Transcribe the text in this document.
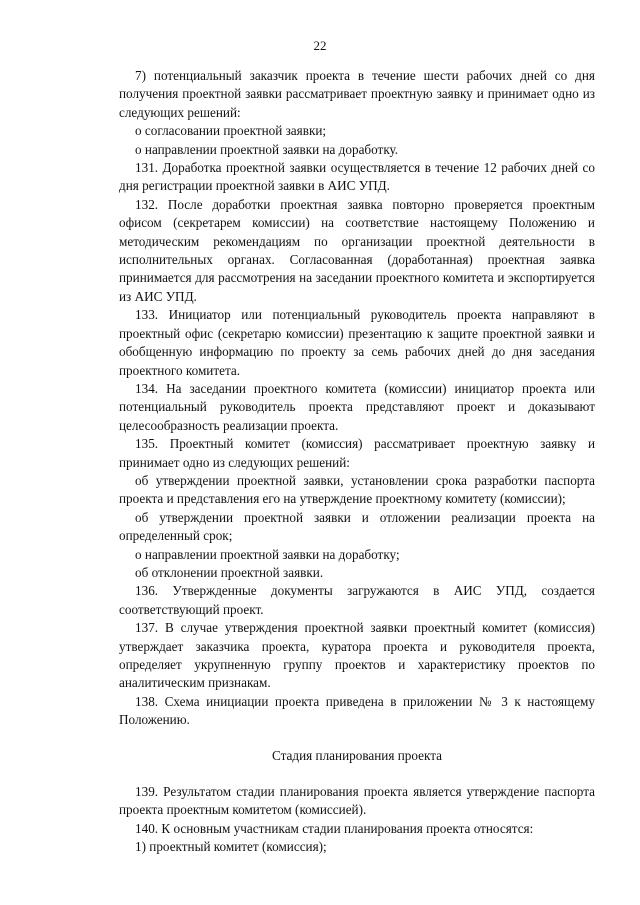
22

7) потенциальный заказчик проекта в течение шести рабочих дней со дня получения проектной заявки рассматривает проектную заявку и принимает одно из следующих решений:

о согласовании проектной заявки;

о направлении проектной заявки на доработку.

131. Доработка проектной заявки осуществляется в течение 12 рабочих дней со дня регистрации проектной заявки в АИС УПД.

132. После доработки проектная заявка повторно проверяется проектным офисом (секретарем комиссии) на соответствие настоящему Положению и методическим рекомендациям по организации проектной деятельности в исполнительных органах. Согласованная (доработанная) проектная заявка принимается для рассмотрения на заседании проектного комитета и экспортируется из АИС УПД.

133. Инициатор или потенциальный руководитель проекта направляют в проектный офис (секретарю комиссии) презентацию к защите проектной заявки и обобщенную информацию по проекту за семь рабочих дней до дня заседания проектного комитета.

134. На заседании проектного комитета (комиссии) инициатор проекта или потенциальный руководитель проекта представляют проект и доказывают целесообразность реализации проекта.

135. Проектный комитет (комиссия) рассматривает проектную заявку и принимает одно из следующих решений:

об утверждении проектной заявки, установлении срока разработки паспорта проекта и представления его на утверждение проектному комитету (комиссии);

об утверждении проектной заявки и отложении реализации проекта на определенный срок;

о направлении проектной заявки на доработку;

об отклонении проектной заявки.

136. Утвержденные документы загружаются в АИС УПД, создается соответствующий проект.

137. В случае утверждения проектной заявки проектный комитет (комиссия) утверждает заказчика проекта, куратора проекта и руководителя проекта, определяет укрупненную группу проектов и характеристику проектов по аналитическим признакам.

138. Схема инициации проекта приведена в приложении № 3 к настоящему Положению.

Стадия планирования проекта

139. Результатом стадии планирования проекта является утверждение паспорта проекта проектным комитетом (комиссией).

140. К основным участникам стадии планирования проекта относятся:

1) проектный комитет (комиссия);
